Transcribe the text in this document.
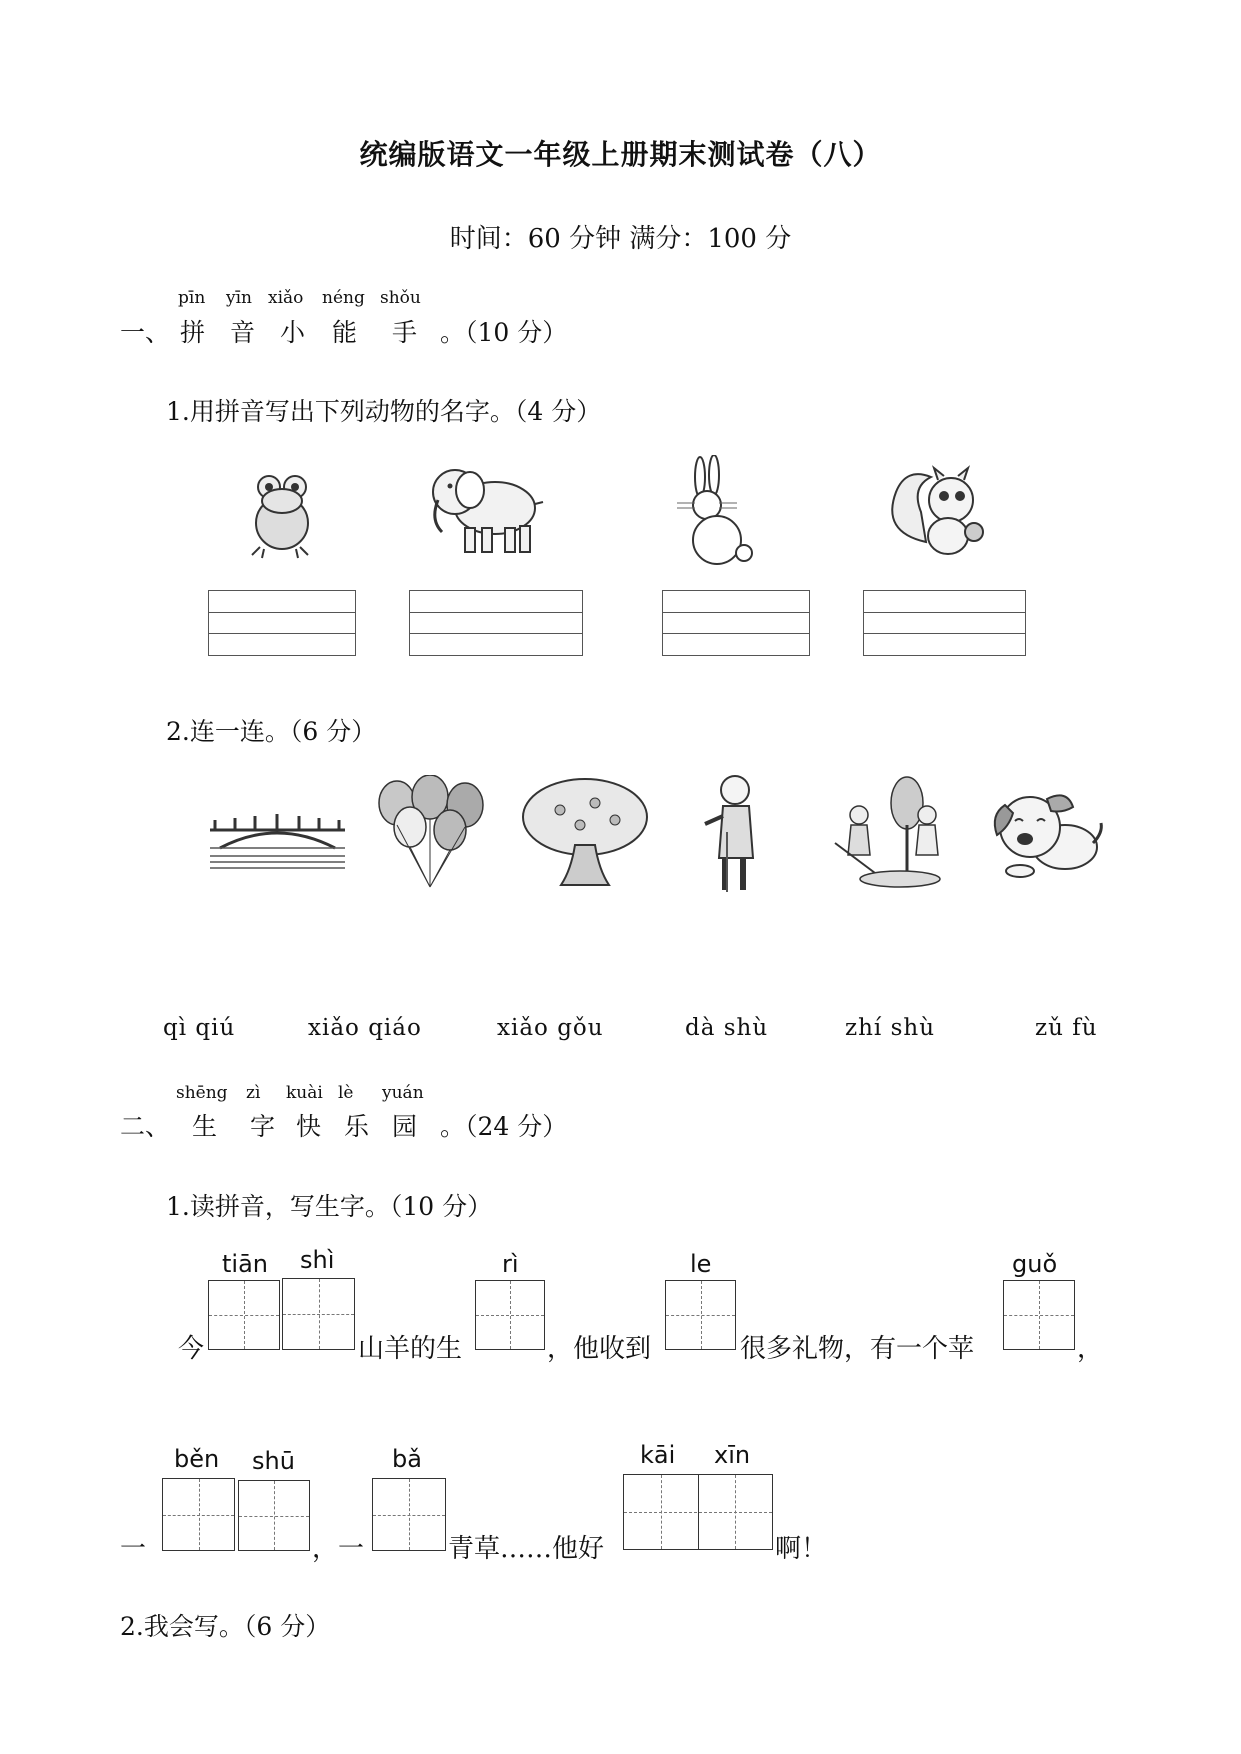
统编版语文一年级上册期末测试卷（八）
时间：60 分钟 满分：100 分
一、
pīn yīn xiǎo néng shǒu
拼 音 小 能 手 。（10 分）
1.用拼音写出下列动物的名字。（4 分）
2.连一连。（6 分）
qì qiú	xiǎo qiáo	xiǎo gǒu	dà shù	zhí shù	zǔ fù
二、
shēng zì kuài lè yuán
生 字 快 乐 园 。（24 分）
1.读拼音，写生字。（10 分）
今
tiān shì	rì	le	guǒ
山羊的生	，他收到	很多礼物，有一个苹	，
一
běn shū	bǎ	kāi xīn
，一	青草……他好	啊！
2.我会写。（6 分）
